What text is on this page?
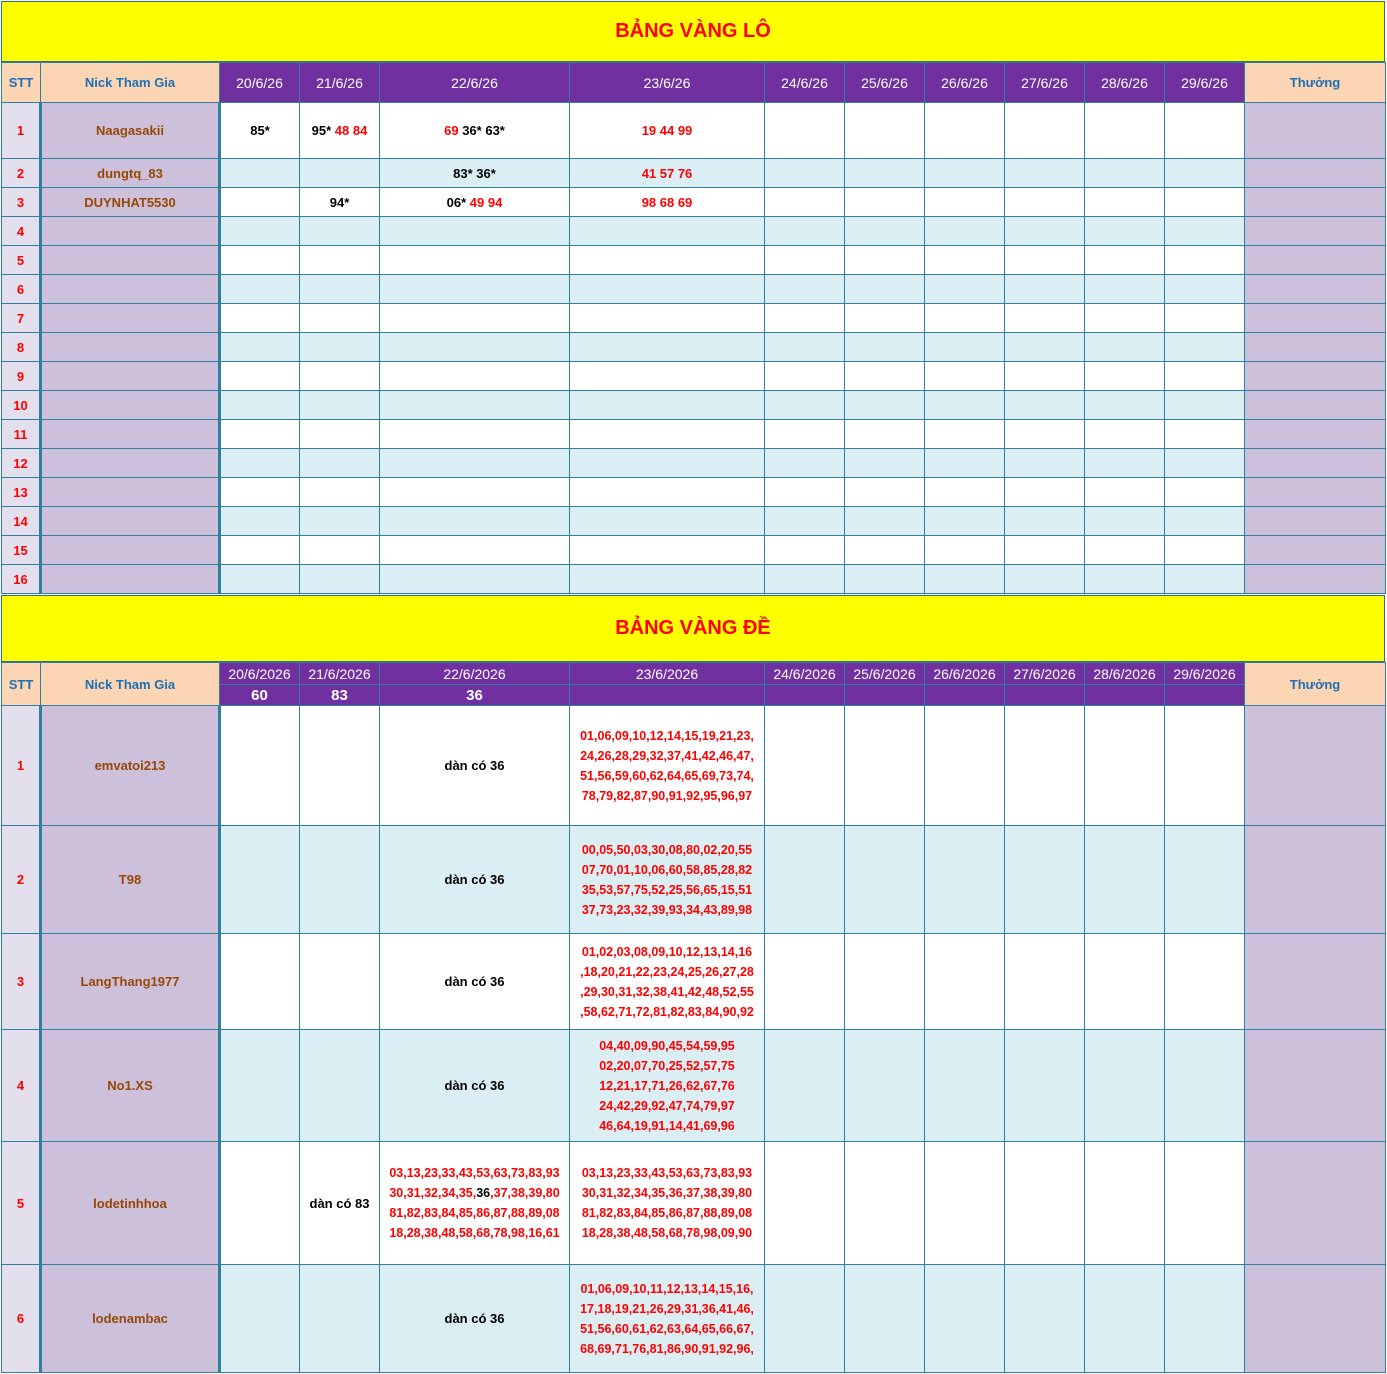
BẢNG VÀNG LÔ
STT	Nick Tham Gia	20/6/26	21/6/26	22/6/26	23/6/26	24/6/26	25/6/26	26/6/26	27/6/26	28/6/26	29/6/26	Thưởng
1	Naagasakii	85*	95* 48 84	69 36* 63*	19 44 99							
2	dungtq_83			83* 36*	41 57 76							
3	DUYNHAT5530		94*	06* 49 94	98 68 69							
4												
5												
6												
7												
8												
9												
10												
11												
12												
13												
14												
15												
16												
BẢNG VÀNG ĐỀ
STT	Nick Tham Gia	20/6/2026	21/6/2026	22/6/2026	23/6/2026	24/6/2026	25/6/2026	26/6/2026	27/6/2026	28/6/2026	29/6/2026	Thưởng
		60	83	36								
1	emvatoi213			dàn có 36	01,06,09,10,12,14,15,19,21,23,
24,26,28,29,32,37,41,42,46,47,
51,56,59,60,62,64,65,69,73,74,
78,79,82,87,90,91,92,95,96,97							
2	T98			dàn có 36	00,05,50,03,30,08,80,02,20,55
07,70,01,10,06,60,58,85,28,82
35,53,57,75,52,25,56,65,15,51
37,73,23,32,39,93,34,43,89,98							
3	LangThang1977			dàn có 36	01,02,03,08,09,10,12,13,14,16
,18,20,21,22,23,24,25,26,27,28
,29,30,31,32,38,41,42,48,52,55
,58,62,71,72,81,82,83,84,90,92							
4	No1.XS			dàn có 36	04,40,09,90,45,54,59,95
02,20,07,70,25,52,57,75
12,21,17,71,26,62,67,76
24,42,29,92,47,74,79,97
46,64,19,91,14,41,69,96							
5	lodetinhhoa		dàn có 83	03,13,23,33,43,53,63,73,83,93
30,31,32,34,35,36,37,38,39,80
81,82,83,84,85,86,87,88,89,08
18,28,38,48,58,68,78,98,16,61	03,13,23,33,43,53,63,73,83,93
30,31,32,34,35,36,37,38,39,80
81,82,83,84,85,86,87,88,89,08
18,28,38,48,58,68,78,98,09,90							
6	lodenambac			dàn có 36	01,06,09,10,11,12,13,14,15,16,
17,18,19,21,26,29,31,36,41,46,
51,56,60,61,62,63,64,65,66,67,
68,69,71,76,81,86,90,91,92,96,							
